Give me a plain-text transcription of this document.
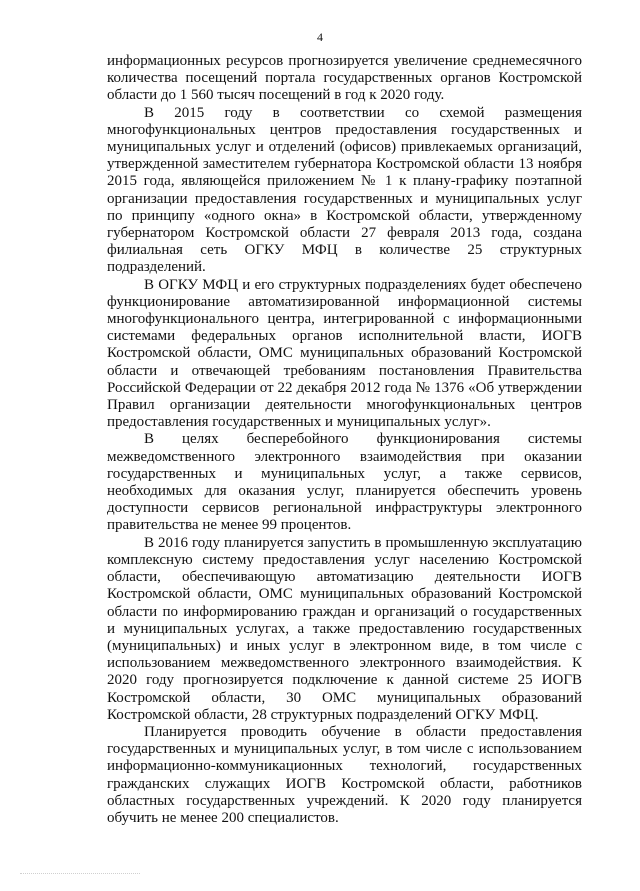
4

информационных ресурсов прогнозируется увеличение среднемесячного количества посещений портала государственных органов Костромской области до 1 560 тысяч посещений в год к 2020 году.

В 2015 году в соответствии со схемой размещения многофункциональных центров предоставления государственных и муниципальных услуг и отделений (офисов) привлекаемых организаций, утвержденной заместителем губернатора Костромской области 13 ноября 2015 года, являющейся приложением № 1 к плану-графику поэтапной организации предоставления государственных и муниципальных услуг по принципу «одного окна» в Костромской области, утвержденному губернатором Костромской области 27 февраля 2013 года, создана филиальная сеть ОГКУ МФЦ в количестве 25 структурных подразделений.

В ОГКУ МФЦ и его структурных подразделениях будет обеспечено функционирование автоматизированной информационной системы многофункционального центра, интегрированной с информационными системами федеральных органов исполнительной власти, ИОГВ Костромской области, ОМС муниципальных образований Костромской области и отвечающей требованиям постановления Правительства Российской Федерации от 22 декабря 2012 года № 1376 «Об утверждении Правил организации деятельности многофункциональных центров предоставления государственных и муниципальных услуг».

В целях бесперебойного функционирования системы межведомственного электронного взаимодействия при оказании государственных и муниципальных услуг, а также сервисов, необходимых для оказания услуг, планируется обеспечить уровень доступности сервисов региональной инфраструктуры электронного правительства не менее 99 процентов.

В 2016 году планируется запустить в промышленную эксплуатацию комплексную систему предоставления услуг населению Костромской области, обеспечивающую автоматизацию деятельности ИОГВ Костромской области, ОМС муниципальных образований Костромской области по информированию граждан и организаций о государственных и муниципальных услугах, а также предоставлению государственных (муниципальных) и иных услуг в электронном виде, в том числе с использованием межведомственного электронного взаимодействия. К 2020 году прогнозируется подключение к данной системе 25 ИОГВ Костромской области, 30 ОМС муниципальных образований Костромской области, 28 структурных подразделений ОГКУ МФЦ.

Планируется проводить обучение в области предоставления государственных и муниципальных услуг, в том числе с использованием информационно-коммуникационных технологий, государственных гражданских служащих ИОГВ Костромской области, работников областных государственных учреждений. К 2020 году планируется обучить не менее 200 специалистов.
